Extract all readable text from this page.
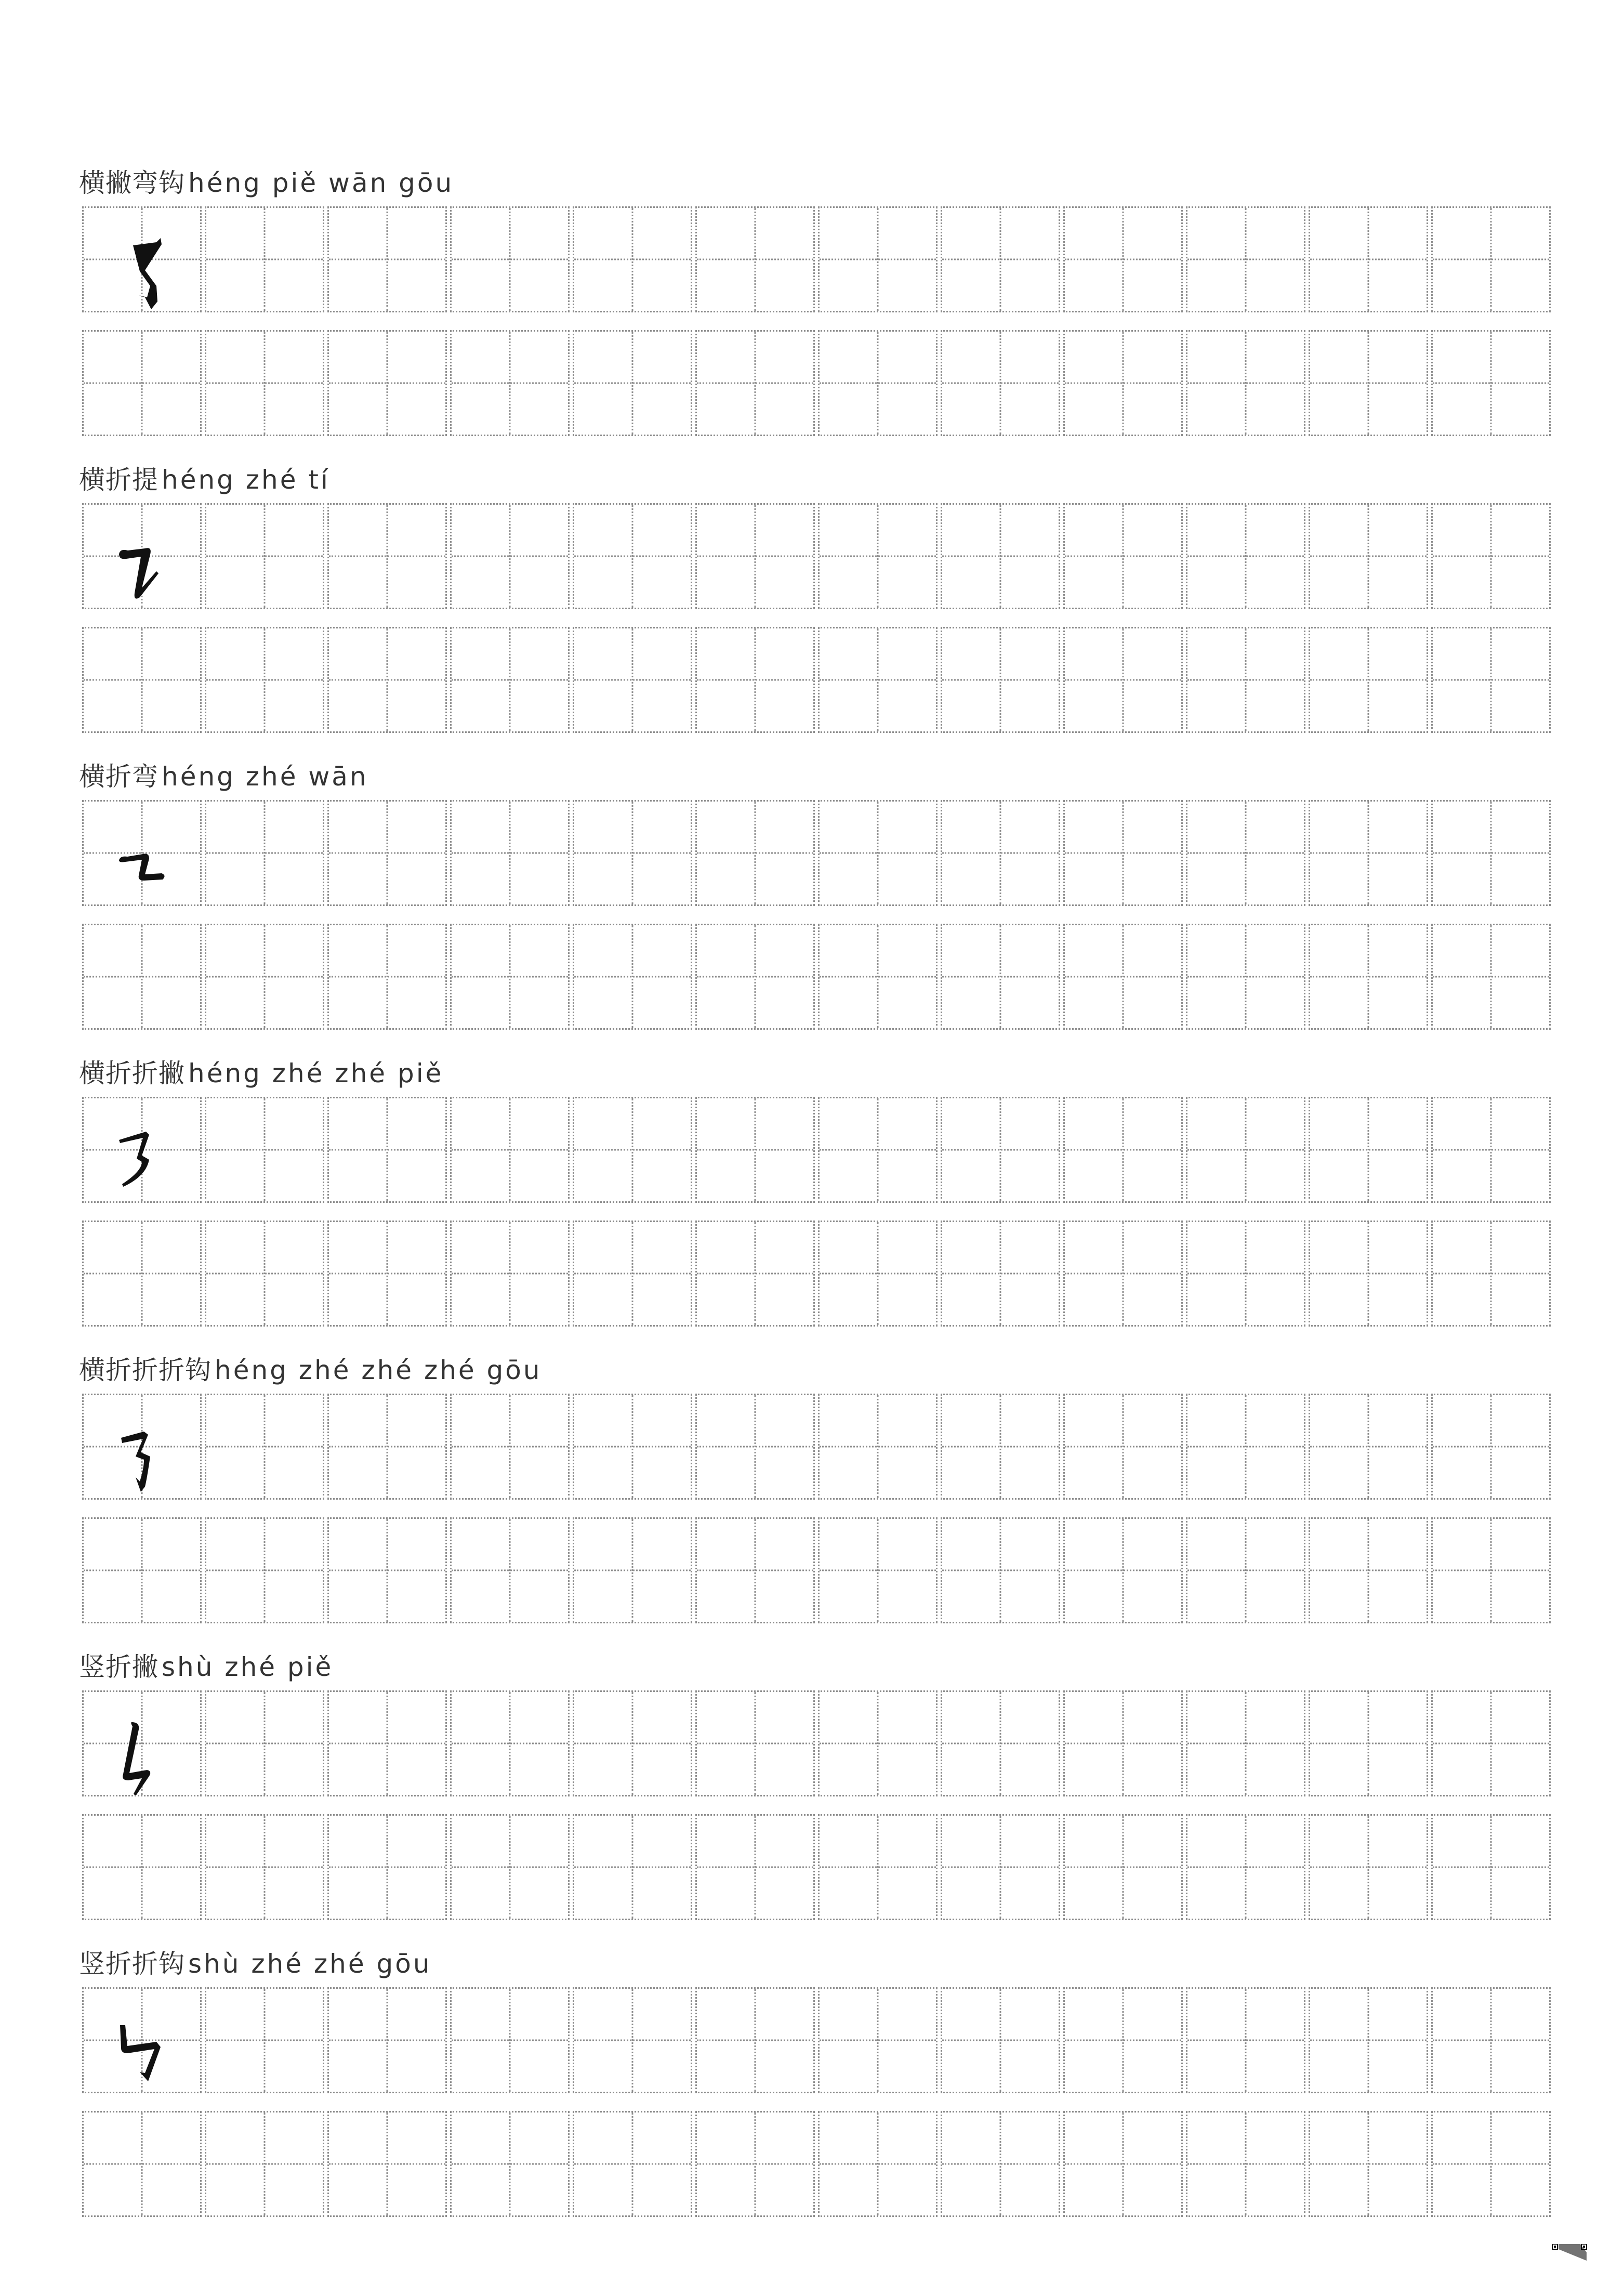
横撇弯钩 héng piě wān gōu
横折提 héng zhé tí
横折弯 héng zhé wān
横折折撇 héng zhé zhé piě
横折折折钩 héng zhé zhé zhé gōu
竖折撇 shù zhé piě
竖折折钩 shù zhé zhé gōu
